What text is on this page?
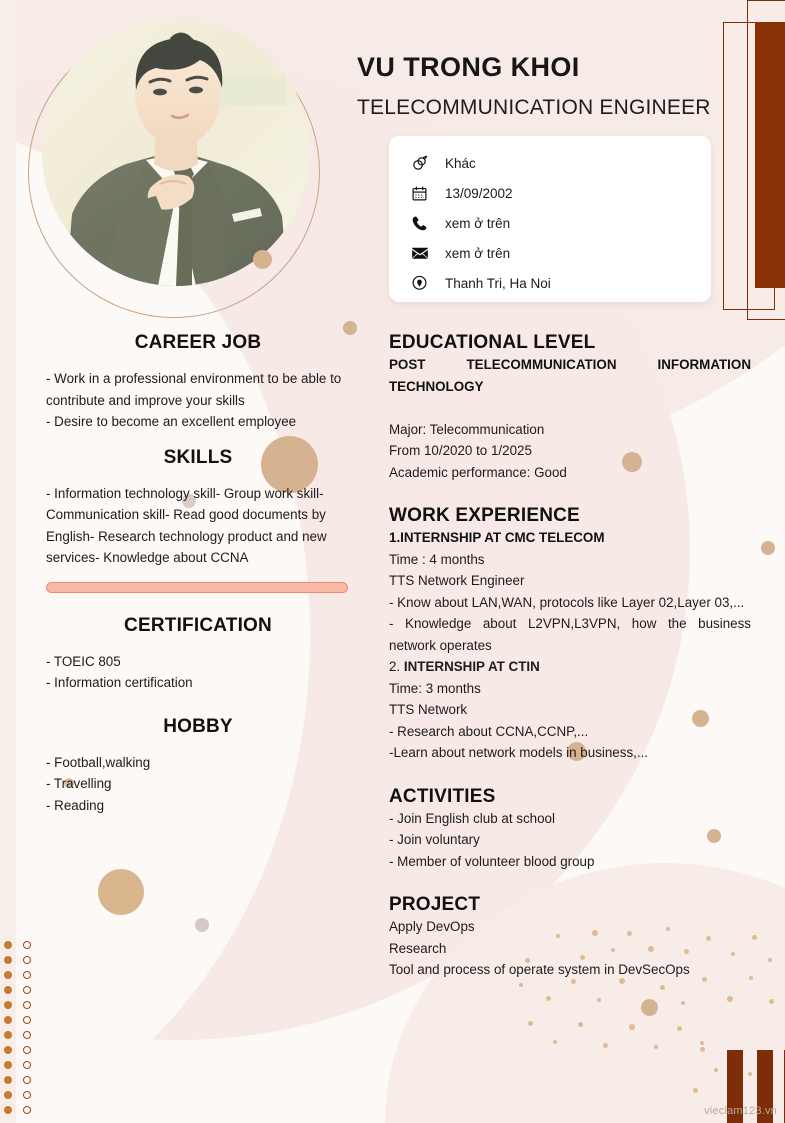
VU TRONG KHOI
TELECOMMUNICATION ENGINEER
Khác
13/09/2002
xem ở trên
xem ở trên
Thanh Tri, Ha Noi
CAREER JOB
- Work in a professional environment to be able to contribute and improve your skills
- Desire to become an excellent employee
SKILLS
- Information technology skill- Group work skill- Communication skill- Read good documents by English- Research technology product and new services- Knowledge about CCNA
CERTIFICATION
- TOEIC 805
- Information certification
HOBBY
- Football,walking
- Travelling
- Reading
EDUCATIONAL LEVEL
POST TELECOMMUNICATION INFORMATION TECHNOLOGY
Major: Telecommunication
From 10/2020 to 1/2025
Academic performance: Good
WORK EXPERIENCE
1.INTERNSHIP AT CMC TELECOM
Time : 4 months
TTS Network Engineer
- Know about LAN,WAN, protocols like Layer 02,Layer 03,...
- Knowledge about L2VPN,L3VPN, how the business network operates
2. INTERNSHIP AT CTIN
Time: 3 months
TTS Network
- Research about CCNA,CCNP,...
-Learn about network models in business,...
ACTIVITIES
- Join English club at school
- Join voluntary
- Member of volunteer blood group
PROJECT
Apply DevOps
Research
Tool and process of operate system in DevSecOps
vieclam123.vn
